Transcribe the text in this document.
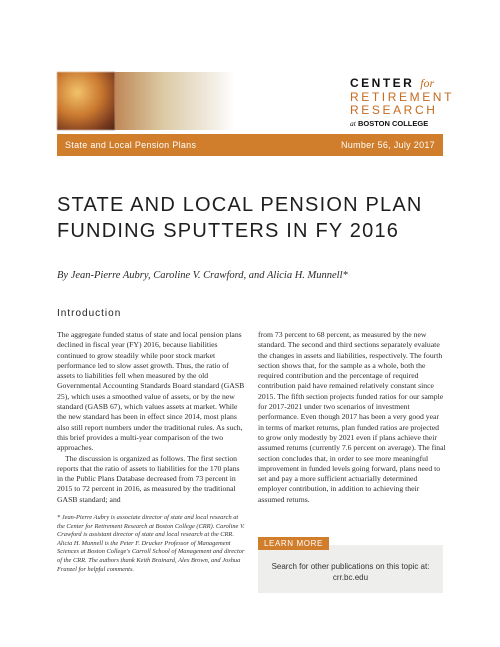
CENTER for
RETIREMENT
RESEARCH
at BOSTON COLLEGE
State and Local Pension Plans	Number 56, July 2017
STATE AND LOCAL PENSION PLAN FUNDING SPUTTERS IN FY 2016
By Jean-Pierre Aubry, Caroline V. Crawford, and Alicia H. Munnell*
Introduction

The aggregate funded status of state and local pension plans declined in fiscal year (FY) 2016, because liabilities continued to grow steadily while poor stock market performance led to slow asset growth. Thus, the ratio of assets to liabilities fell when measured by the old Governmental Accounting Standards Board standard (GASB 25), which uses a smoothed value of assets, or by the new standard (GASB 67), which values assets at market. While the new standard has been in effect since 2014, most plans also still report numbers under the traditional rules. As such, this brief provides a multi-year comparison of the two approaches.

The discussion is organized as follows. The first section reports that the ratio of assets to liabilities for the 170 plans in the Public Plans Database decreased from 73 percent in 2015 to 72 percent in 2016, as measured by the traditional GASB standard; and

from 73 percent to 68 percent, as measured by the new standard. The second and third sections separately evaluate the changes in assets and liabilities, respectively. The fourth section shows that, for the sample as a whole, both the required contribution and the percentage of required contribution paid have remained relatively constant since 2015. The fifth section projects funded ratios for our sample for 2017-2021 under two scenarios of investment performance. Even though 2017 has been a very good year in terms of market returns, plan funded ratios are projected to grow only modestly by 2021 even if plans achieve their assumed returns (currently 7.6 percent on average). The final section concludes that, in order to see more meaningful improvement in funded levels going forward, plans need to set and pay a more sufficient actuarially determined employer contribution, in addition to achieving their assumed returns.

* Jean-Pierre Aubry is associate director of state and local research at the Center for Retirement Research at Boston College (CRR). Caroline V. Crawford is assistant director of state and local research at the CRR. Alicia H. Munnell is the Peter F. Drucker Professor of Management Sciences at Boston College's Carroll School of Management and director of the CRR. The authors thank Keith Brainard, Alex Brown, and Joshua Franzel for helpful comments.
LEARN MORE
Search for other publications on this topic at:
crr.bc.edu
